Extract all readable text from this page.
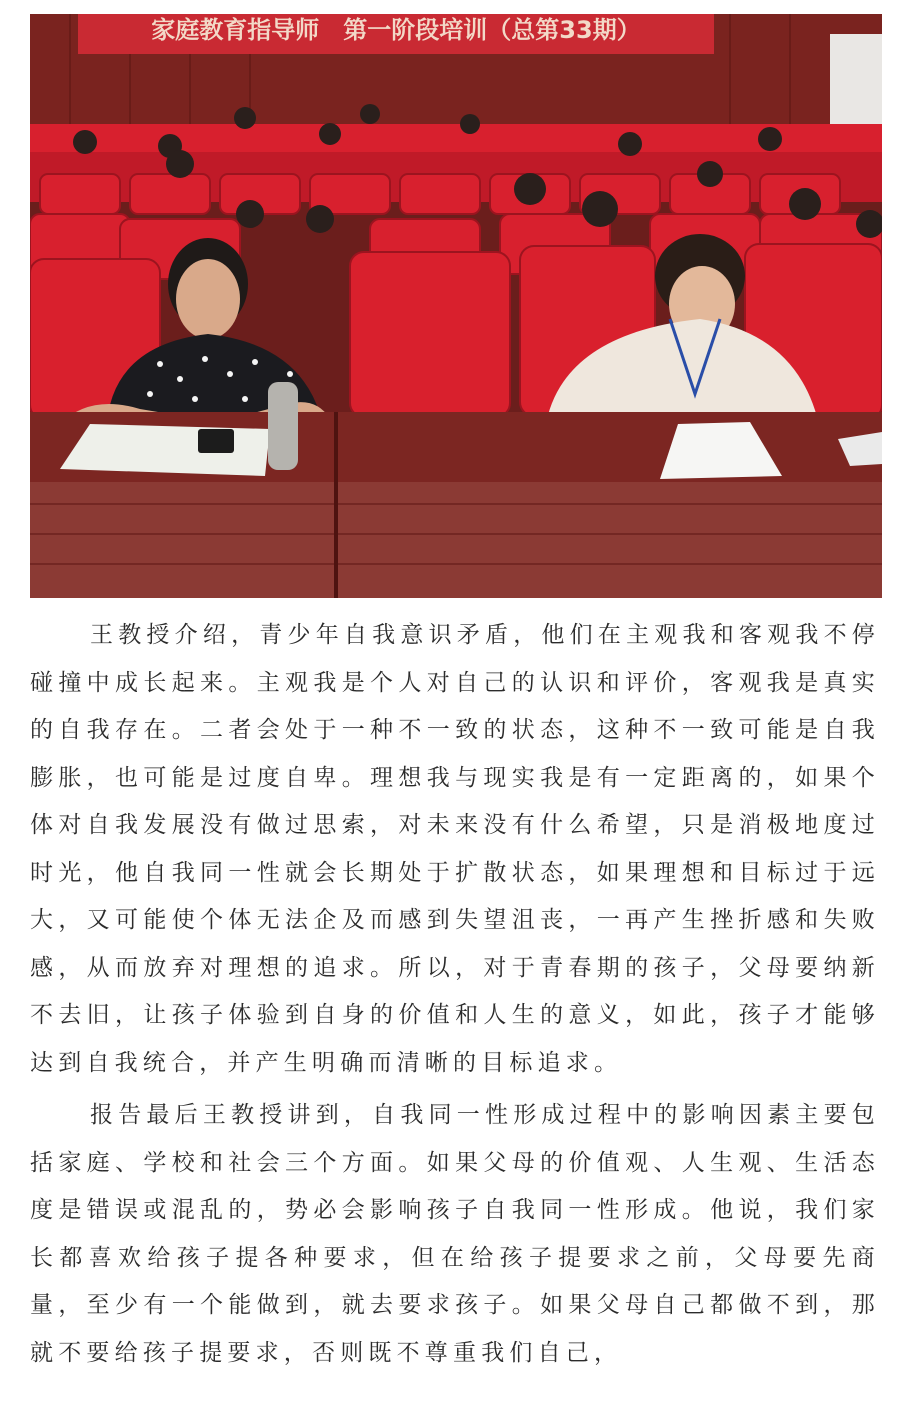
家庭教育指导师　第一阶段培训（总第33期）

王教授介绍，青少年自我意识矛盾，他们在主观我和客观我不停碰撞中成长起来。主观我是个人对自己的认识和评价，客观我是真实的自我存在。二者会处于一种不一致的状态，这种不一致可能是自我膨胀，也可能是过度自卑。理想我与现实我是有一定距离的，如果个体对自我发展没有做过思索，对未来没有什么希望，只是消极地度过时光，他自我同一性就会长期处于扩散状态，如果理想和目标过于远大，又可能使个体无法企及而感到失望沮丧，一再产生挫折感和失败感，从而放弃对理想的追求。所以，对于青春期的孩子，父母要纳新不去旧，让孩子体验到自身的价值和人生的意义，如此，孩子才能够达到自我统合，并产生明确而清晰的目标追求。

报告最后王教授讲到，自我同一性形成过程中的影响因素主要包括家庭、学校和社会三个方面。如果父母的价值观、人生观、生活态度是错误或混乱的，势必会影响孩子自我同一性形成。他说，我们家长都喜欢给孩子提各种要求，但在给孩子提要求之前，父母要先商量，至少有一个能做到，就去要求孩子。如果父母自己都做不到，那就不要给孩子提要求，否则既不尊重我们自己，
